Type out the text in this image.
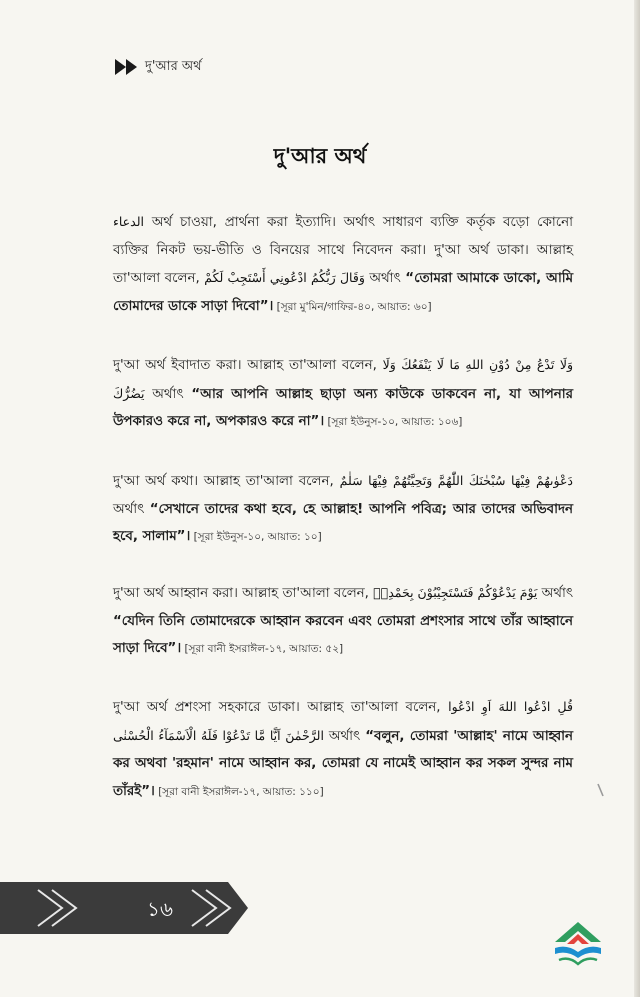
দু'আর অর্থ
দু'আর অর্থ
الدعاء অর্থ চাওয়া, প্রার্থনা করা ইত্যাদি। অর্থাৎ সাধারণ ব্যক্তি কর্তৃক বড়ো কোনো ব্যক্তির নিকট ভয়-ভীতি ও বিনয়ের সাথে নিবেদন করা। দু'আ অর্থ ডাকা। আল্লাহ তা'আলা বলেন, وَقَالَ رَبُّكُمُ ادْعُونِي أَسْتَجِبْ لَكُمْ অর্থাৎ “তোমরা আমাকে ডাকো, আমি তোমাদের ডাকে সাড়া দিবো”। [সূরা মু'মিন/গাফির-৪০, আয়াত: ৬০]
দু'আ অর্থ ইবাদাত করা। আল্লাহ তা'আলা বলেন, وَلَا تَدْعُ مِنْ دُوْنِ اللهِ مَا لَا يَنْفَعُكَ وَلَا يَضُرُّكَ অর্থাৎ “আর আপনি আল্লাহ ছাড়া অন্য কাউকে ডাকবেন না, যা আপনার উপকারও করে না, অপকারও করে না”। [সূরা ইউনুস-১০, আয়াত: ১০৬]
দু'আ অর্থ কথা। আল্লাহ তা'আলা বলেন, دَعْوٰىهُمْ فِيْهَا سُبْحٰنَكَ اللّٰهُمَّ وَتَحِيَّتُهُمْ فِيْهَا سَلٰمٌ অর্থাৎ “সেখানে তাদের কথা হবে, হে আল্লাহ! আপনি পবিত্র; আর তাদের অভিবাদন হবে, সালাম”। [সূরা ইউনুস-১০, আয়াত: ১০]
দু'আ অর্থ আহ্বান করা। আল্লাহ তা'আলা বলেন, يَوْمَ يَدْعُوْكُمْ فَتَسْتَجِيْبُوْنَ بِحَمْدِهٖ অর্থাৎ “যেদিন তিনি তোমাদেরকে আহ্বান করবেন এবং তোমরা প্রশংসার সাথে তাঁর আহ্বানে সাড়া দিবে”। [সূরা বানী ইসরাঈল-১৭, আয়াত: ৫২]
দু'আ অর্থ প্রশংসা সহকারে ডাকা। আল্লাহ তা'আলা বলেন, قُلِ ادْعُوا اللهَ اَوِ ادْعُوا الرَّحْمٰنَ اَيًّا مَّا تَدْعُوْا فَلَهُ الْاَسْمَآءُ الْحُسْنٰى অর্থাৎ “বলুন, তোমরা 'আল্লাহ' নামে আহ্বান কর অথবা 'রহমান' নামে আহ্বান কর, তোমরা যে নামেই আহ্বান কর সকল সুন্দর নাম তাঁরই”। [সূরা বানী ইসরাঈল-১৭, আয়াত: ১১০]
১৬
